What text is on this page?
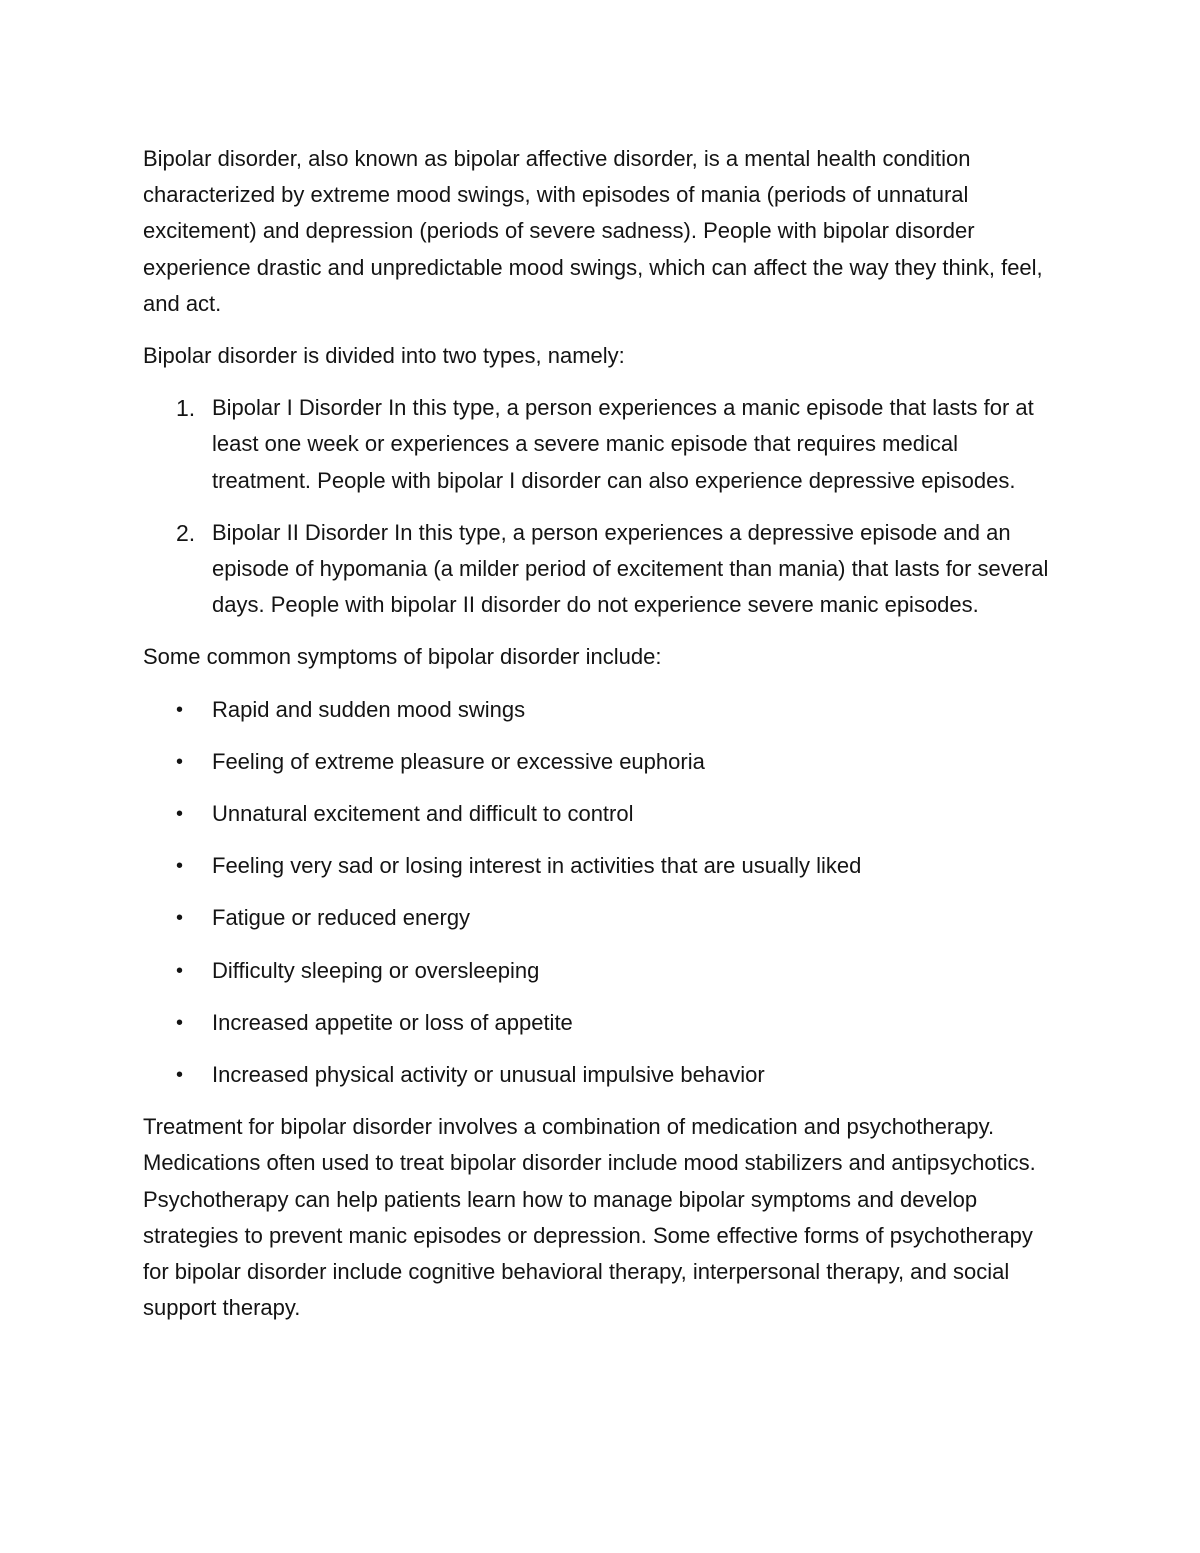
Bipolar disorder, also known as bipolar affective disorder, is a mental health condition characterized by extreme mood swings, with episodes of mania (periods of unnatural excitement) and depression (periods of severe sadness). People with bipolar disorder experience drastic and unpredictable mood swings, which can affect the way they think, feel, and act.

Bipolar disorder is divided into two types, namely:

1. Bipolar I Disorder In this type, a person experiences a manic episode that lasts for at least one week or experiences a severe manic episode that requires medical treatment. People with bipolar I disorder can also experience depressive episodes.
2. Bipolar II Disorder In this type, a person experiences a depressive episode and an episode of hypomania (a milder period of excitement than mania) that lasts for several days. People with bipolar II disorder do not experience severe manic episodes.

Some common symptoms of bipolar disorder include:

• Rapid and sudden mood swings
• Feeling of extreme pleasure or excessive euphoria
• Unnatural excitement and difficult to control
• Feeling very sad or losing interest in activities that are usually liked
• Fatigue or reduced energy
• Difficulty sleeping or oversleeping
• Increased appetite or loss of appetite
• Increased physical activity or unusual impulsive behavior

Treatment for bipolar disorder involves a combination of medication and psychotherapy. Medications often used to treat bipolar disorder include mood stabilizers and antipsychotics. Psychotherapy can help patients learn how to manage bipolar symptoms and develop strategies to prevent manic episodes or depression. Some effective forms of psychotherapy for bipolar disorder include cognitive behavioral therapy, interpersonal therapy, and social support therapy.
